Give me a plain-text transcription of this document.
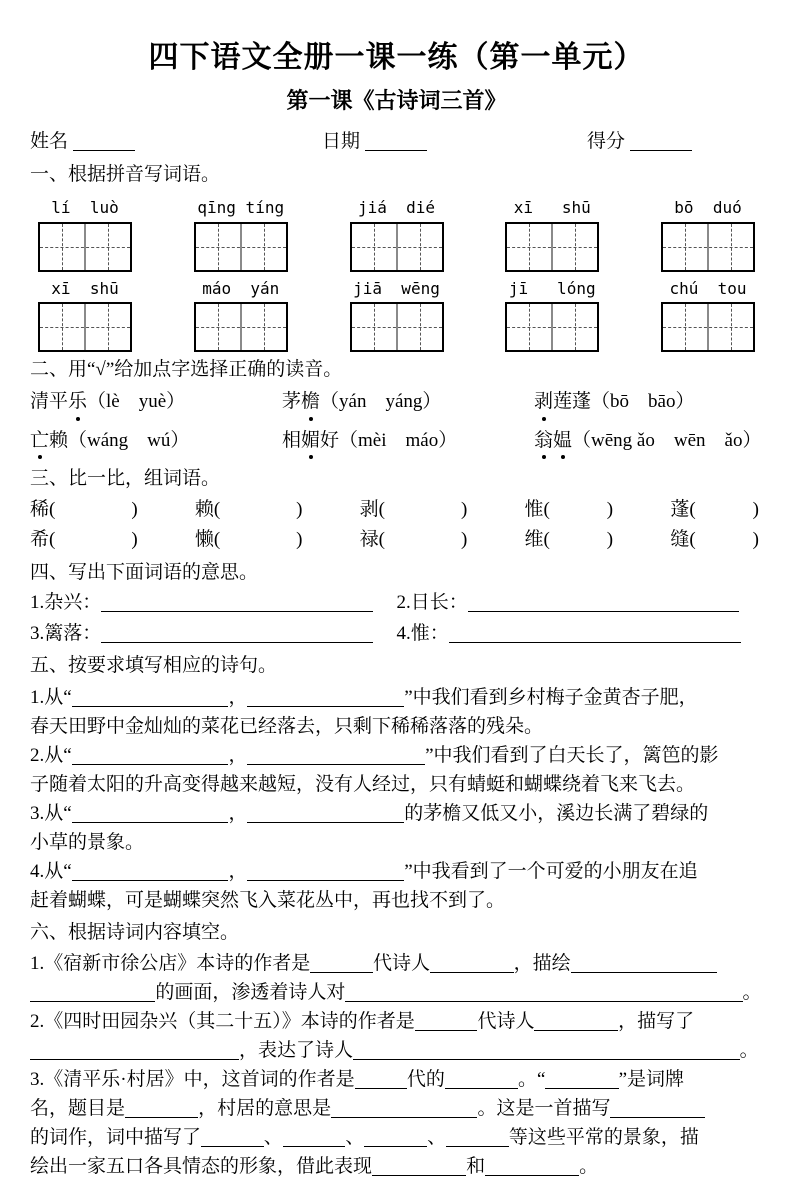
四下语文全册一课一练（第一单元）
第一课《古诗词三首》
姓名	日期	得分
一、根据拼音写词语。
lí  luò	qīng tíng	jiá  dié	xī   shū	bō  duó
xī  shū	máo  yán	jiā  wēng	jī   lóng	chú  tou
二、用“√”给加点字选择正确的读音。
清平乐（lè　yuè）	茅檐（yán　yáng）	剥莲蓬（bō　bāo）
亡赖（wáng　wú）	相媚好（mèi　máo）	翁媪（wēng ǎo　wēn　ǎo）
三、比一比，组词语。
稀(　　　　)	赖(　　　　)	剥(　　　　)	惟(　　　)	蓬(　　　)
希(　　　　)	懒(　　　　)	禄(　　　　)	维(　　　)	缝(　　　)
四、写出下面词语的意思。
1.杂兴：	2.日长：
3.篱落：	4.惟：
五、按要求填写相应的诗句。
1.从“	，	”中我们看到乡村梅子金黄杏子肥，
春天田野中金灿灿的菜花已经落去，只剩下稀稀落落的残朵。
2.从“	，	”中我们看到了白天长了，篱笆的影
子随着太阳的升高变得越来越短，没有人经过，只有蜻蜓和蝴蝶绕着飞来飞去。
3.从“	，	的茅檐又低又小，溪边长满了碧绿的
小草的景象。
4.从“	，	”中我看到了一个可爱的小朋友在追
赶着蝴蝶，可是蝴蝶突然飞入菜花丛中，再也找不到了。
六、根据诗词内容填空。
1.《宿新市徐公店》本诗的作者是	代诗人	，描绘
的画面，渗透着诗人对	。
2.《四时田园杂兴（其二十五）》本诗的作者是	代诗人	，描写了
，表达了诗人	。
3.《清平乐·村居》中，这首词的作者是	代的	。“	”是词牌
名，题目是	，村居的意思是	。这是一首描写
的词作，词中描写了	、	、	、	等这些平常的景象，描
绘出一家五口各具情态的形象，借此表现	和	。
